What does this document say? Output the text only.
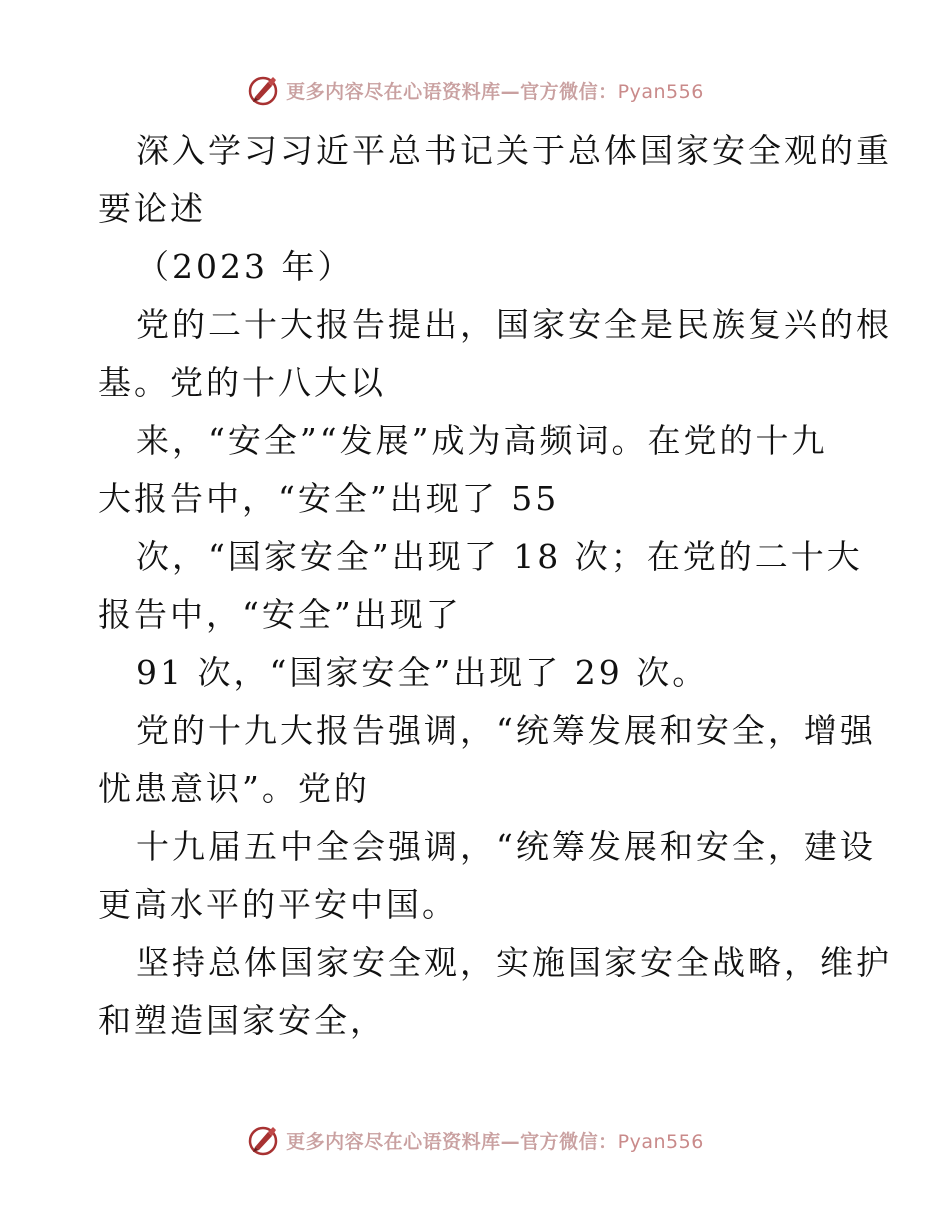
更多内容尽在心语资料库—官方微信：Pyan556

深入学习习近平总书记关于总体国家安全观的重
要论述

（2023 年）

党的二十大报告提出，国家安全是民族复兴的根
基。党的十八大以

来，“安全”“发展”成为高频词。在党的十九
大报告中，“安全”出现了 55

次，“国家安全”出现了 18 次；在党的二十大
报告中，“安全”出现了

91 次，“国家安全”出现了 29 次。

党的十九大报告强调，“统筹发展和安全，增强
忧患意识”。党的

十九届五中全会强调，“统筹发展和安全，建设
更高水平的平安中国。

坚持总体国家安全观，实施国家安全战略，维护
和塑造国家安全，

更多内容尽在心语资料库—官方微信：Pyan556
